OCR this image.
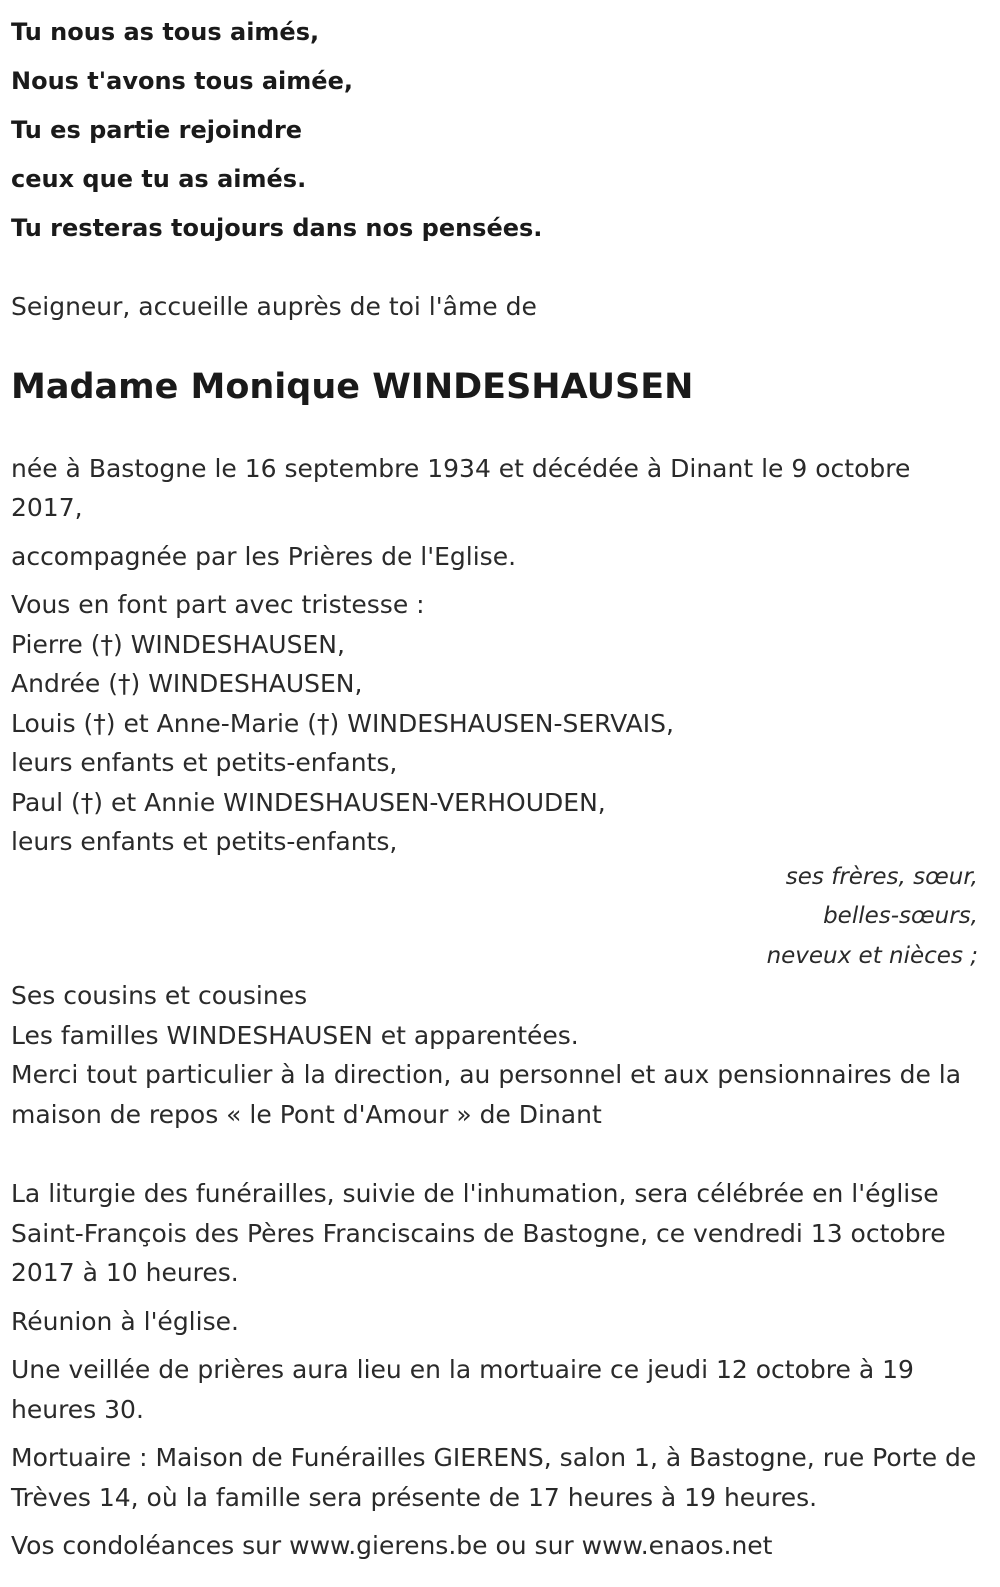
Tu nous as tous aimés,
Nous t'avons tous aimée,
Tu es partie rejoindre
ceux que tu as aimés.
Tu resteras toujours dans nos pensées.
Seigneur, accueille auprès de toi l'âme de
Madame Monique WINDESHAUSEN
née à Bastogne le 16 septembre 1934 et décédée à Dinant le 9 octobre 2017,
accompagnée par les Prières de l'Eglise.
Vous en font part avec tristesse :
Pierre (†) WINDESHAUSEN,
Andrée (†) WINDESHAUSEN,
Louis (†) et Anne-Marie (†) WINDESHAUSEN-SERVAIS,
leurs enfants et petits-enfants,
Paul (†) et Annie WINDESHAUSEN-VERHOUDEN,
leurs enfants et petits-enfants,
ses frères, sœur,
belles-sœurs,
neveux et nièces ;
Ses cousins et cousines
Les familles WINDESHAUSEN et apparentées.
Merci tout particulier à la direction, au personnel et aux pensionnaires de la maison de repos « le Pont d'Amour » de Dinant
La liturgie des funérailles, suivie de l'inhumation, sera célébrée en l'église Saint-François des Pères Franciscains de Bastogne, ce vendredi 13 octobre 2017 à 10 heures.
Réunion à l'église.
Une veillée de prières aura lieu en la mortuaire ce jeudi 12 octobre à 19 heures 30.
Mortuaire : Maison de Funérailles GIERENS, salon 1, à Bastogne, rue Porte de Trèves 14, où la famille sera présente de 17 heures à 19 heures.
Vos condoléances sur www.gierens.be ou sur www.enaos.net
